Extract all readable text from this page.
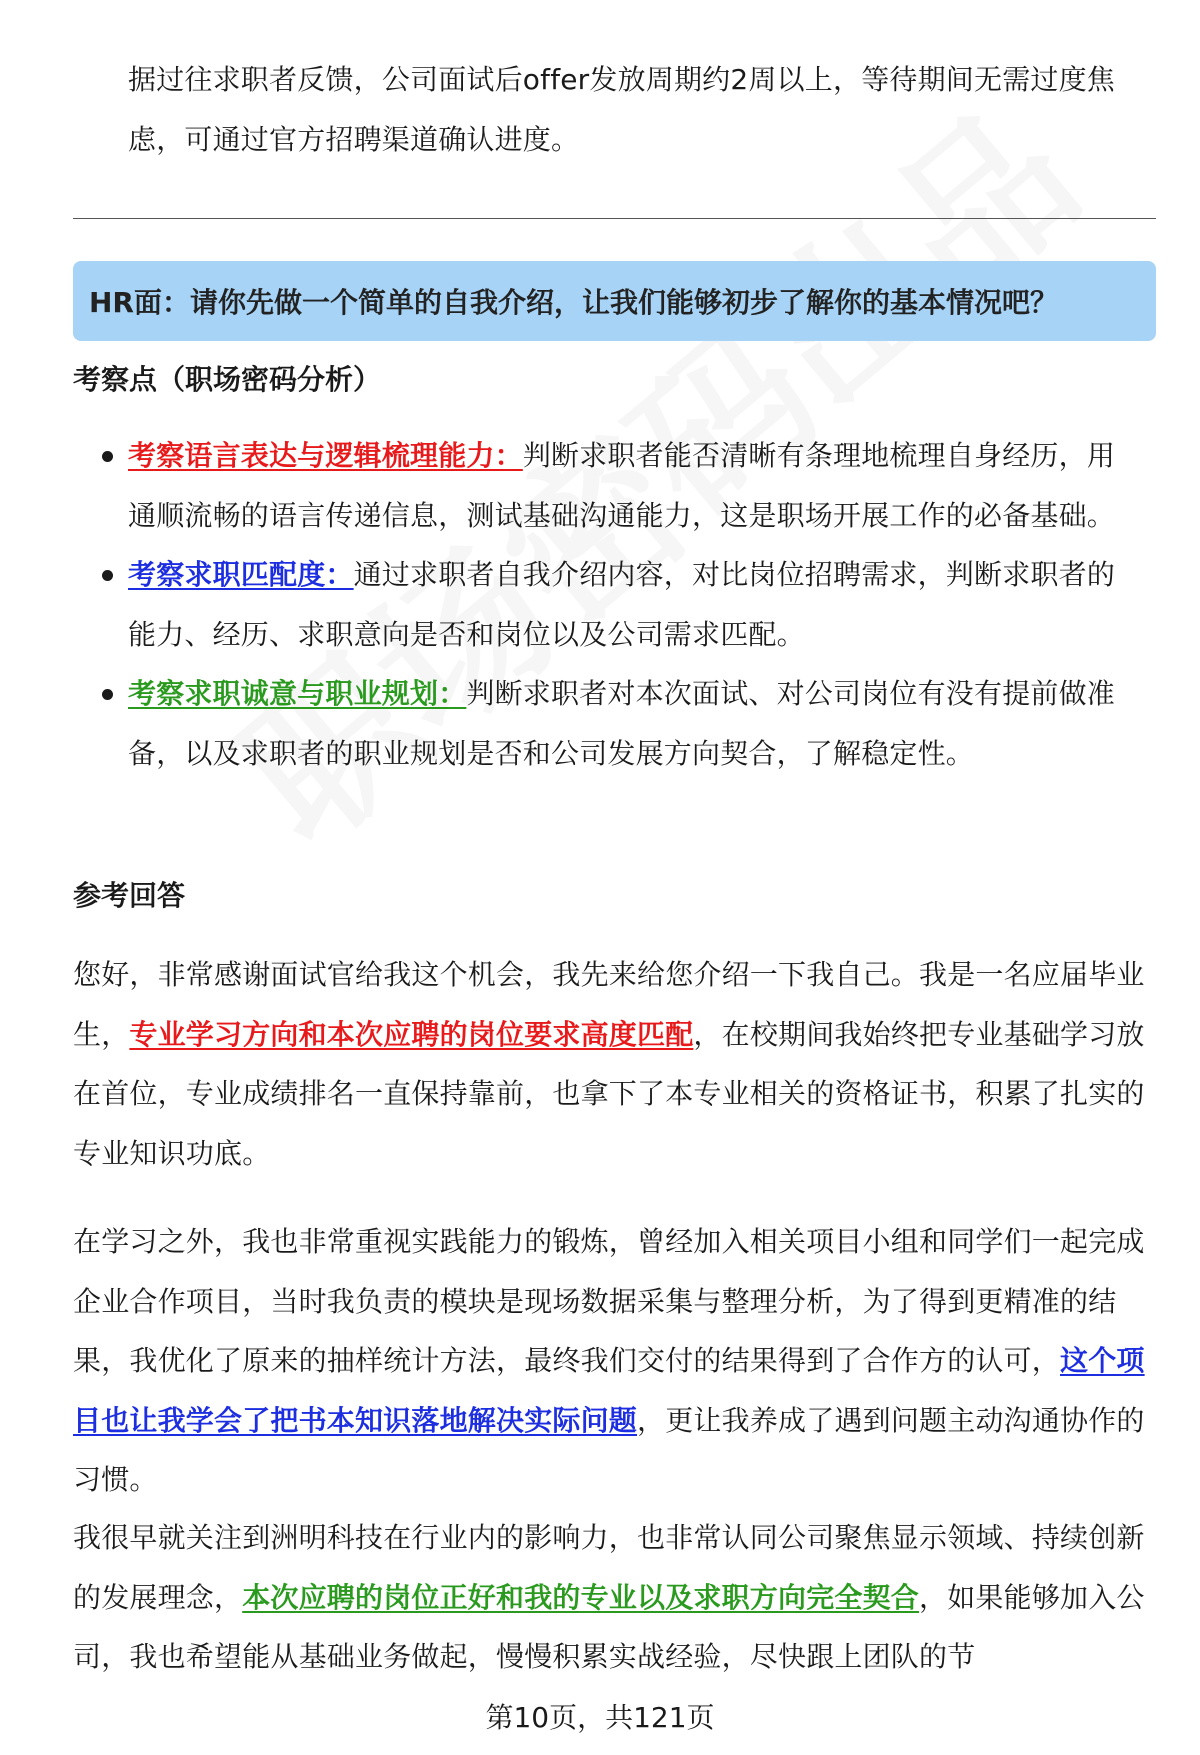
据过往求职者反馈，公司面试后offer发放周期约2周以上，等待期间无需过度焦虑，可通过官方招聘渠道确认进度。

HR面：请你先做一个简单的自我介绍，让我们能够初步了解你的基本情况吧？
考察点（职场密码分析）
考察语言表达与逻辑梳理能力：判断求职者能否清晰有条理地梳理自身经历，用通顺流畅的语言传递信息，测试基础沟通能力，这是职场开展工作的必备基础。
考察求职匹配度：通过求职者自我介绍内容，对比岗位招聘需求，判断求职者的能力、经历、求职意向是否和岗位以及公司需求匹配。
考察求职诚意与职业规划：判断求职者对本次面试、对公司岗位有没有提前做准备，以及求职者的职业规划是否和公司发展方向契合，了解稳定性。
参考回答

您好，非常感谢面试官给我这个机会，我先来给您介绍一下我自己。我是一名应届毕业生，专业学习方向和本次应聘的岗位要求高度匹配，在校期间我始终把专业基础学习放在首位，专业成绩排名一直保持靠前，也拿下了本专业相关的资格证书，积累了扎实的专业知识功底。

在学习之外，我也非常重视实践能力的锻炼，曾经加入相关项目小组和同学们一起完成企业合作项目，当时我负责的模块是现场数据采集与整理分析，为了得到更精准的结果，我优化了原来的抽样统计方法，最终我们交付的结果得到了合作方的认可，这个项目也让我学会了把书本知识落地解决实际问题，更让我养成了遇到问题主动沟通协作的习惯。

我很早就关注到洲明科技在行业内的影响力，也非常认同公司聚焦显示领域、持续创新的发展理念，本次应聘的岗位正好和我的专业以及求职方向完全契合，如果能够加入公司，我也希望能从基础业务做起，慢慢积累实战经验，尽快跟上团队的节

第10页，共121页
